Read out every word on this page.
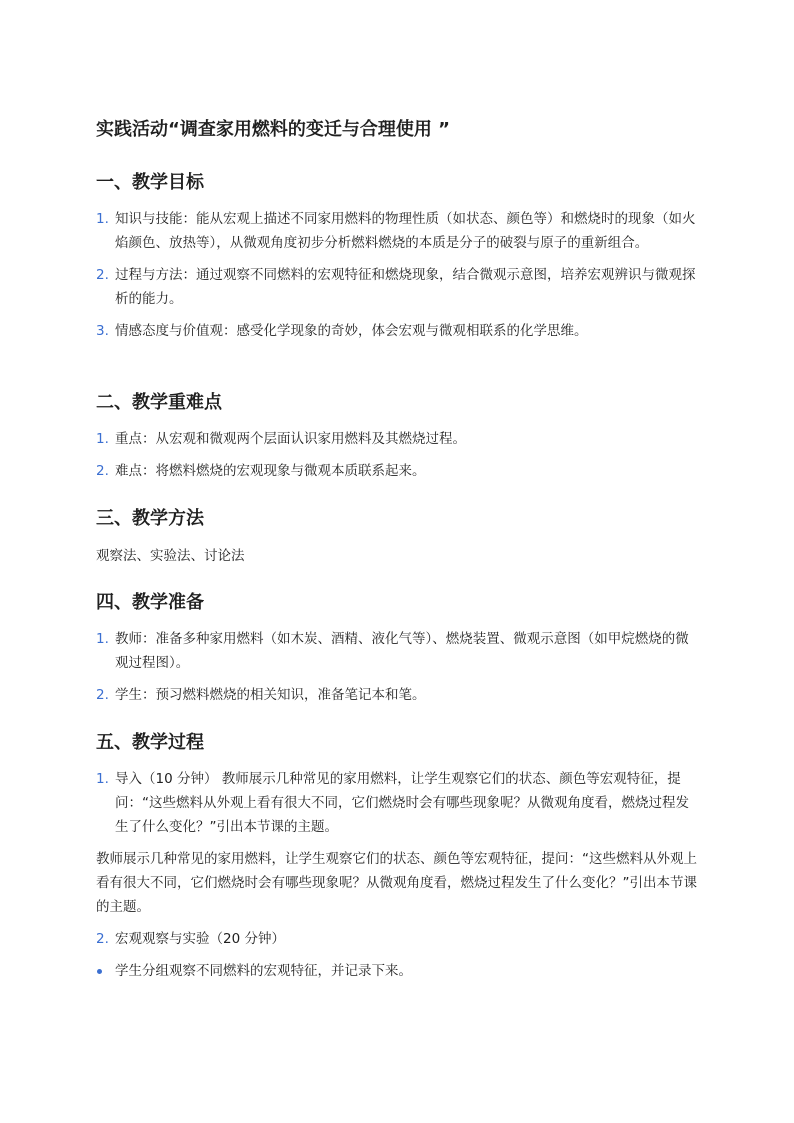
实践活动“调查家用燃料的变迁与合理使用 ”
一、教学目标
1. 知识与技能：能从宏观上描述不同家用燃料的物理性质（如状态、颜色等）和燃烧时的现象（如火焰颜色、放热等），从微观角度初步分析燃料燃烧的本质是分子的破裂与原子的重新组合。
2. 过程与方法：通过观察不同燃料的宏观特征和燃烧现象，结合微观示意图，培养宏观辨识与微观探析的能力。
3. 情感态度与价值观：感受化学现象的奇妙，体会宏观与微观相联系的化学思维。
二、教学重难点
1. 重点：从宏观和微观两个层面认识家用燃料及其燃烧过程。
2. 难点：将燃料燃烧的宏观现象与微观本质联系起来。
三、教学方法

观察法、实验法、讨论法

四、教学准备
1. 教师：准备多种家用燃料（如木炭、酒精、液化气等）、燃烧装置、微观示意图（如甲烷燃烧的微观过程图）。
2. 学生：预习燃料燃烧的相关知识，准备笔记本和笔。
五、教学过程
1. 导入（10 分钟） 教师展示几种常见的家用燃料，让学生观察它们的状态、颜色等宏观特征，提问：“这些燃料从外观上看有很大不同，它们燃烧时会有哪些现象呢？从微观角度看，燃烧过程发生了什么变化？”引出本节课的主题。

教师展示几种常见的家用燃料，让学生观察它们的状态、颜色等宏观特征，提问：“这些燃料从外观上看有很大不同，它们燃烧时会有哪些现象呢？从微观角度看，燃烧过程发生了什么变化？”引出本节课的主题。

2. 宏观观察与实验（20 分钟）
学生分组观察不同燃料的宏观特征，并记录下来。
